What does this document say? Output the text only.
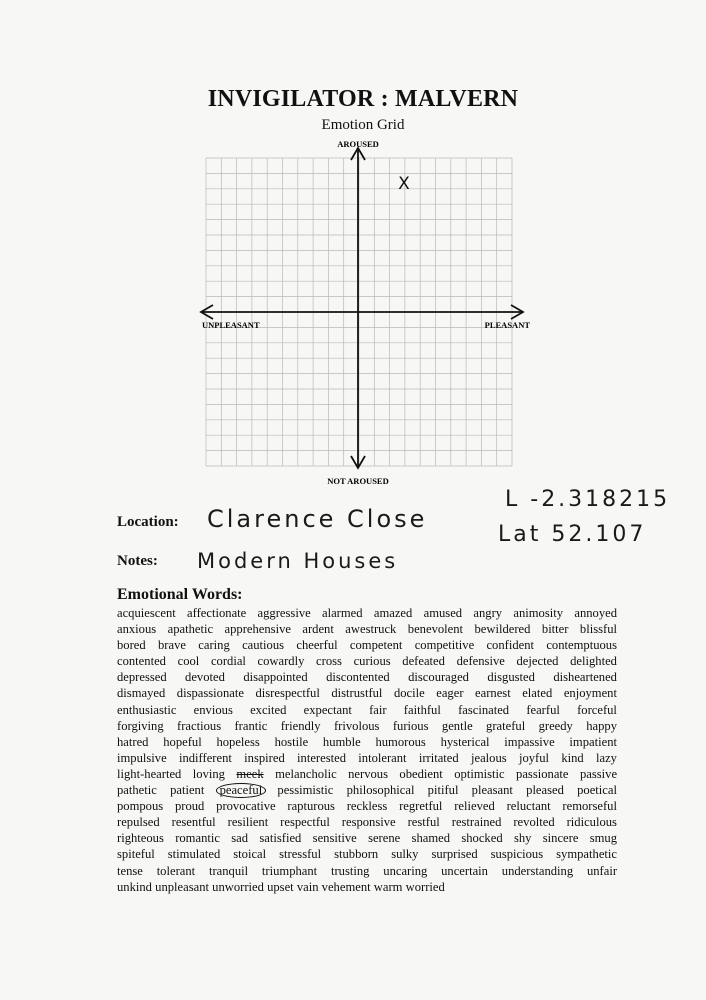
INVIGILATOR : MALVERN
Emotion Grid
AROUSED
NOT AROUSED
UNPLEASANT	PLEASANT
X
Location: Clarence Close
Notes: Modern Houses
L -2.318215
Lat 52.107
Emotional Words:
acquiescent affectionate aggressive alarmed amazed amused angry animosity annoyed
anxious apathetic apprehensive ardent awestruck benevolent bewildered bitter blissful
bored brave caring cautious cheerful competent competitive confident contemptuous
contented cool cordial cowardly cross curious defeated defensive dejected delighted
depressed devoted disappointed discontented discouraged disgusted disheartened
dismayed dispassionate disrespectful distrustful docile eager earnest elated enjoyment
enthusiastic envious excited expectant fair faithful fascinated fearful forceful
forgiving fractious frantic friendly frivolous furious gentle grateful greedy happy
hatred hopeful hopeless hostile humble humorous hysterical impassive impatient
impulsive indifferent inspired interested intolerant irritated jealous joyful kind lazy
light-hearted loving meek melancholic nervous obedient optimistic passionate passive
pathetic patient peaceful pessimistic philosophical pitiful pleasant pleased poetical
pompous proud provocative rapturous reckless regretful relieved reluctant remorseful
repulsed resentful resilient respectful responsive restful restrained revolted ridiculous
righteous romantic sad satisfied sensitive serene shamed shocked shy sincere smug
spiteful stimulated stoical stressful stubborn sulky surprised suspicious sympathetic
tense tolerant tranquil triumphant trusting uncaring uncertain understanding unfair
unkind unpleasant unworried upset vain vehement warm worried
